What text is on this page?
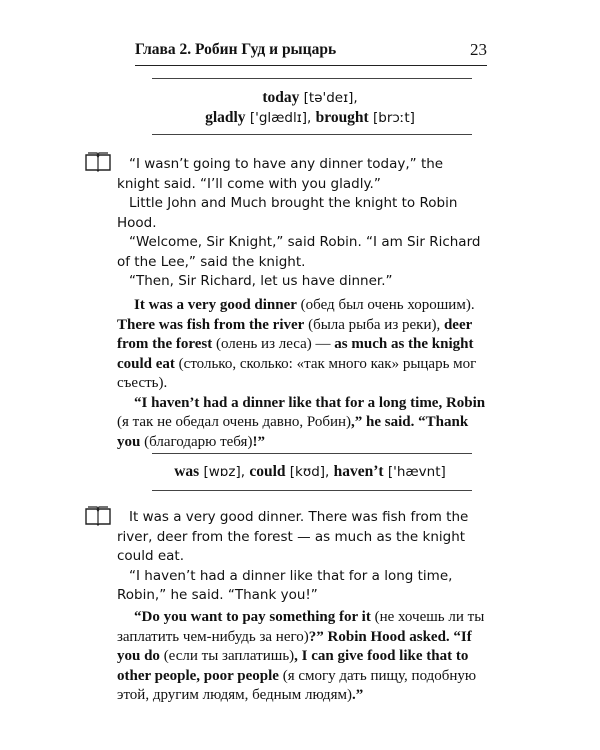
Глава 2. Робин Гуд и рыцарь	23
today [tə'deɪ],
gladly ['glædlɪ], brought [brɔːt]

“I wasn’t going to have any dinner today,” the knight said. “I’ll come with you gladly.”

Little John and Much brought the knight to Robin Hood.

“Welcome, Sir Knight,” said Robin. “I am Sir Richard of the Lee,” said the knight.

“Then, Sir Richard, let us have dinner.”

It was a very good dinner (обед был очень хорошим). There was fish from the river (была рыба из реки), deer from the forest (олень из леса) — as much as the knight could eat (столько, сколько: «так много как» рыцарь мог съесть).

“I haven’t had a dinner like that for a long time, Robin (я так не обедал очень давно, Робин),” he said. “Thank you (благодарю тебя)!”

was [wɒz], could [kʊd], haven’t ['hævnt]

It was a very good dinner. There was fish from the river, deer from the forest — as much as the knight could eat.

“I haven’t had a dinner like that for a long time, Robin,” he said. “Thank you!”

“Do you want to pay something for it (не хочешь ли ты заплатить чем-нибудь за него)?” Robin Hood asked. “If you do (если ты заплатишь), I can give food like that to other people, poor people (я смогу дать пищу, подобную этой, другим людям, бедным людям).”
